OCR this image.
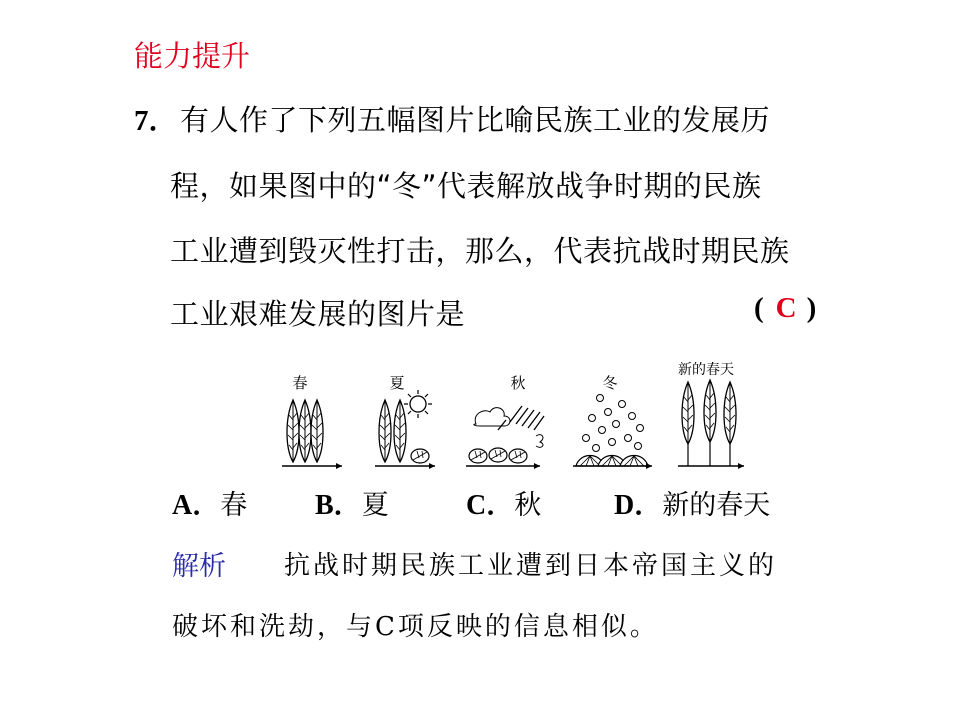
能力提升
7． 有人作了下列五幅图片比喻民族工业的发展历
程，如果图中的“冬”代表解放战争时期的民族
工业遭到毁灭性打击，那么，代表抗战时期民族
工业艰难发展的图片是	( C )
春	夏	秋	冬
新的春天
A．春 B．夏	C．秋	D．新的春天
解析 抗战时期民族工业遭到日本帝国主义的
破坏和洗劫，与C项反映的信息相似。
